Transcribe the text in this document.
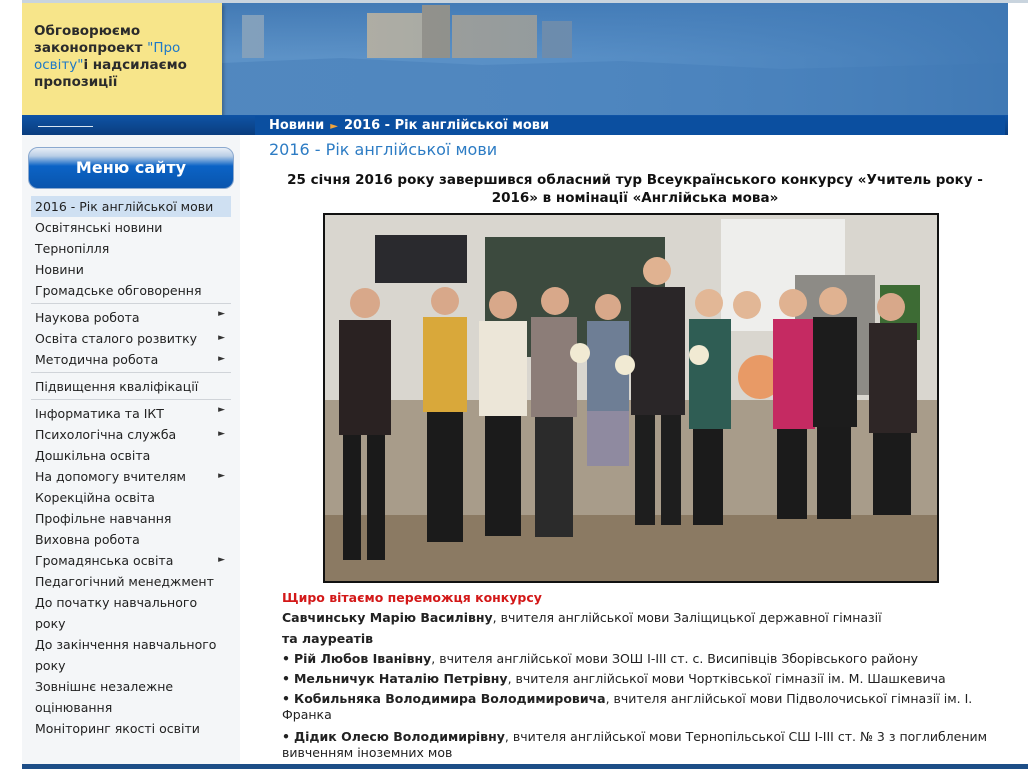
Обговорюємо
законопроект "Про освіту"і надсилаємо пропозиції
Новини ► 2016 - Рік англійської мови
Меню сайту
2016 - Рік англійської мови
Освітянські новини Тернопілля
Новини
Громадське обговорення
Наукова робота	►
Освіта сталого розвитку ►
Методична робота	►
Підвищення кваліфікації
Інформатика та ІКТ	►
Психологічна служба	►
Дошкільна освіта
На допомогу вчителям	►
Корекційна освіта
Профільне навчання
Виховна робота
Громадянська освіта	►
Педагогічний менеджмент
До початку навчального року
До закінчення навчального року
Зовнішнє незалежне оцінювання
Моніторинг якості освіти
2016 - Рік англійської мови
25 січня 2016 року завершився обласний тур Всеукраїнського конкурсу «Учитель року - 2016» в номінації «Англійська мова»

Щиро вітаємо переможця конкурсу

Савчинську Марію Василівну, вчителя англійської мови Заліщицької державної гімназії

та лауреатів

• Рій Любов Іванівну, вчителя англійської мови ЗОШ І-ІІІ ст. с. Висипівців Зборівського району

• Мельничук Наталію Петрівну, вчителя англійської мови Чортківської гімназії ім. М. Шашкевича

• Кобильняка Володимира Володимировича, вчителя англійської мови Підволочиської гімназії ім. І. Франка

• Дідик Олесю Володимирівну, вчителя англійської мови Тернопільської СШ І-ІІІ ст. № 3 з поглибленим вивченням іноземних мов
